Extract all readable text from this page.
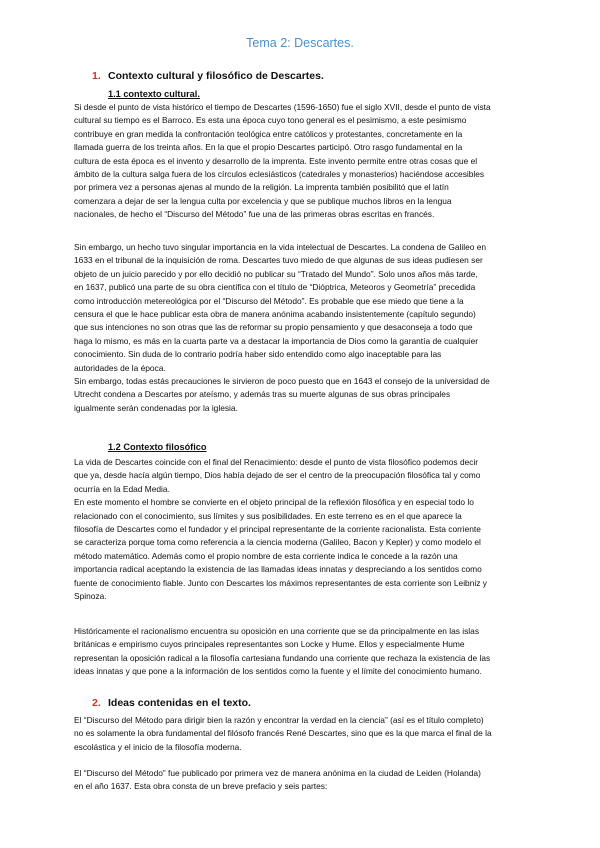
Tema 2: Descartes.
1. Contexto cultural y filosófico de Descartes.
1.1 contexto cultural.
Si desde el punto de vista histórico el tiempo de Descartes (1596-1650) fue el siglo XVII, desde el punto de vista
cultural su tiempo es el Barroco. Es esta una época cuyo tono general es el pesimismo, a este pesimismo
contribuye en gran medida la confrontación teológica entre católicos y protestantes, concretamente en la
llamada guerra de los treinta años. En la que el propio Descartes participó. Otro rasgo fundamental en la
cultura de esta época es el invento y desarrollo de la imprenta. Este invento permite entre otras cosas que el
ámbito de la cultura salga fuera de los círculos eclesiásticos (catedrales y monasterios) haciéndose accesibles
por primera vez a personas ajenas al mundo de la religión. La imprenta también posibilitó que el latín
comenzara a dejar de ser la lengua culta por excelencia y que se publique muchos libros en la lengua
nacionales, de hecho el “Discurso del Método” fue una de las primeras obras escritas en francés.
Sin embargo, un hecho tuvo singular importancia en la vida intelectual de Descartes. La condena de Galileo en
1633 en el tribunal de la inquisición de roma. Descartes tuvo miedo de que algunas de sus ideas pudiesen ser
objeto de un juicio parecido y por ello decidió no publicar su “Tratado del Mundo”. Solo unos años más tarde,
en 1637, publicó una parte de su obra científica con el título de “Dióptrica, Meteoros y Geometría” precedida
como introducción metereológica por el “Discurso del Método”. Es probable que ese miedo que tiene a la
censura el que le hace publicar esta obra de manera anónima acabando insistentemente (capítulo segundo)
que sus intenciones no son otras que las de reformar su propio pensamiento y que desaconseja a todo que
haga lo mismo, es más en la cuarta parte va a destacar la importancia de Dios como la garantía de cualquier
conocimiento. Sin duda de lo contrario podría haber sido entendido como algo inaceptable para las
autoridades de la época.
Sin embargo, todas estás precauciones le sirvieron de poco puesto que en 1643 el consejo de la universidad de
Utrecht condena a Descartes por ateísmo, y además tras su muerte algunas de sus obras principales
igualmente serán condenadas por la iglesia.
1.2 Contexto filosófico
La vida de Descartes coincide con el final del Renacimiento: desde el punto de vista filosófico podemos decir
que ya, desde hacía algún tiempo, Dios había dejado de ser el centro de la preocupación filosófica tal y como
ocurría en la Edad Media.
En este momento el hombre se convierte en el objeto principal de la reflexión filosófica y en especial todo lo
relacionado con el conocimiento, sus límites y sus posibilidades. En este terreno es en el que aparece la
filosofía de Descartes como el fundador y el principal representante de la corriente racionalista. Esta corriente
se caracteriza porque toma como referencia a la ciencia moderna (Galileo, Bacon y Kepler) y como modelo el
método matemático. Además como el propio nombre de esta corriente indica le concede a la razón una
importancia radical aceptando la existencia de las llamadas ideas innatas y despreciando a los sentidos como
fuente de conocimiento fiable. Junto con Descartes los máximos representantes de esta corriente son Leibniz y
Spinoza.
Históricamente el racionalismo encuentra su oposición en una corriente que se da principalmente en las islas
británicas e empirismo cuyos principales representantes son Locke y Hume. Ellos y especialmente Hume
representan la oposición radical a la filosofía cartesiana fundando una corriente que rechaza la existencia de las
ideas innatas y que pone a la información de los sentidos como la fuente y el límite del conocimiento humano.
2. Ideas contenidas en el texto.
El “Discurso del Método para dirigir bien la razón y encontrar la verdad en la ciencia” (así es el título completo)
no es solamente la obra fundamental del filósofo francés René Descartes, sino que es la que marca el final de la
escolástica y el inicio de la filosofía moderna.
El “Discurso del Método” fue publicado por primera vez de manera anónima en la ciudad de Leiden (Holanda)
en el año 1637. Esta obra consta de un breve prefacio y seis partes:
